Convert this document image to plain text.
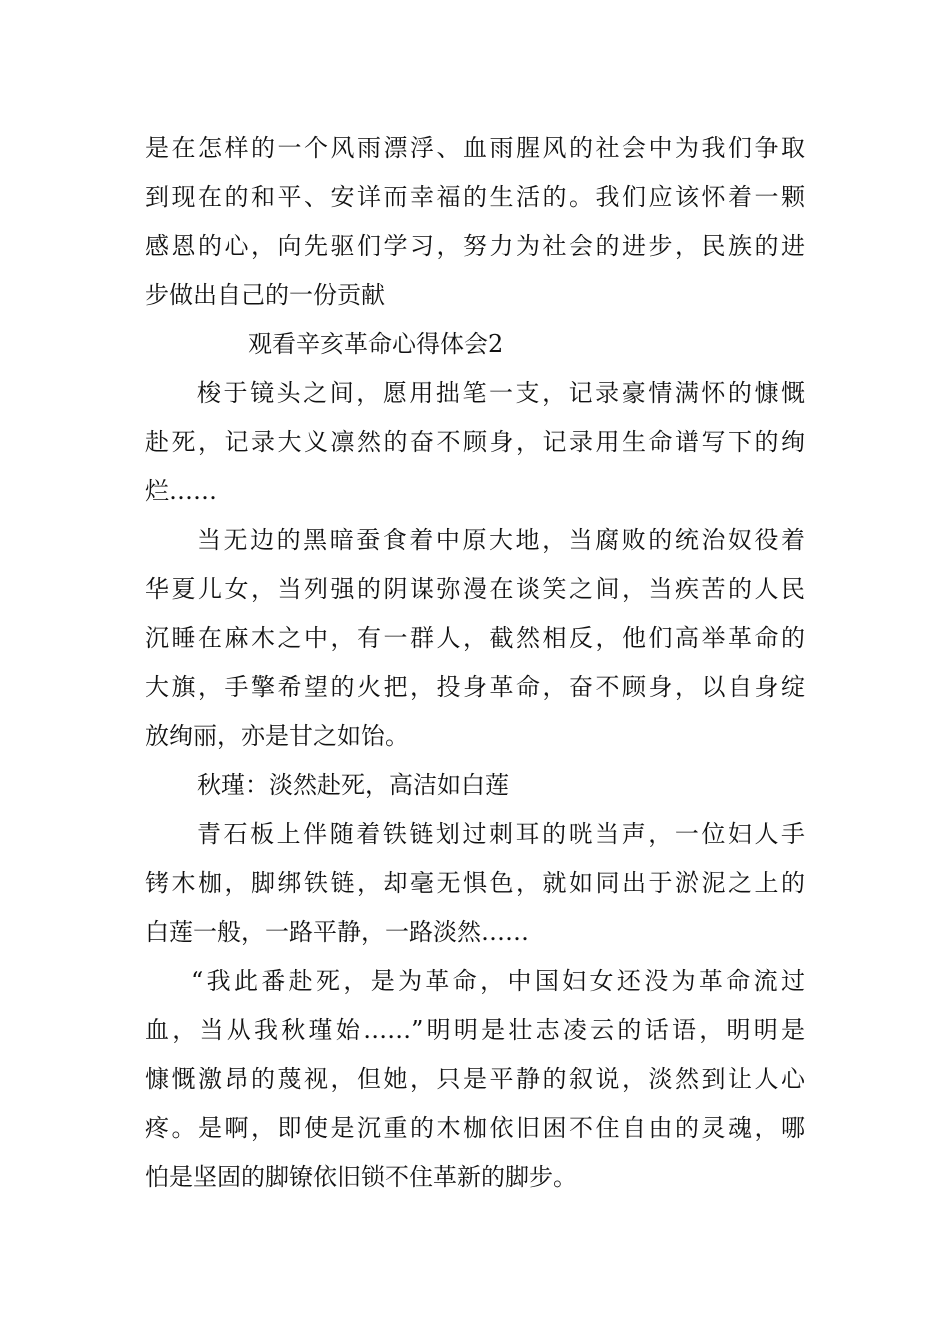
是在怎样的一个风雨漂浮、血雨腥风的社会中为我们争取
到现在的和平、安详而幸福的生活的。我们应该怀着一颗
感恩的心，向先驱们学习，努力为社会的进步，民族的进
步做出自己的一份贡献
观看辛亥革命心得体会2
梭于镜头之间，愿用拙笔一支，记录豪情满怀的慷慨
赴死，记录大义凛然的奋不顾身，记录用生命谱写下的绚
烂……
当无边的黑暗蚕食着中原大地，当腐败的统治奴役着
华夏儿女，当列强的阴谋弥漫在谈笑之间，当疾苦的人民
沉睡在麻木之中，有一群人，截然相反，他们高举革命的
大旗，手擎希望的火把，投身革命，奋不顾身，以自身绽
放绚丽，亦是甘之如饴。
秋瑾：淡然赴死，高洁如白莲
青石板上伴随着铁链划过刺耳的咣当声，一位妇人手
铐木枷，脚绑铁链，却毫无惧色，就如同出于淤泥之上的
白莲一般，一路平静，一路淡然……
“我此番赴死，是为革命，中国妇女还没为革命流过
血，当从我秋瑾始……”明明是壮志凌云的话语，明明是
慷慨激昂的蔑视，但她，只是平静的叙说，淡然到让人心
疼。是啊，即使是沉重的木枷依旧困不住自由的灵魂，哪
怕是坚固的脚镣依旧锁不住革新的脚步。
